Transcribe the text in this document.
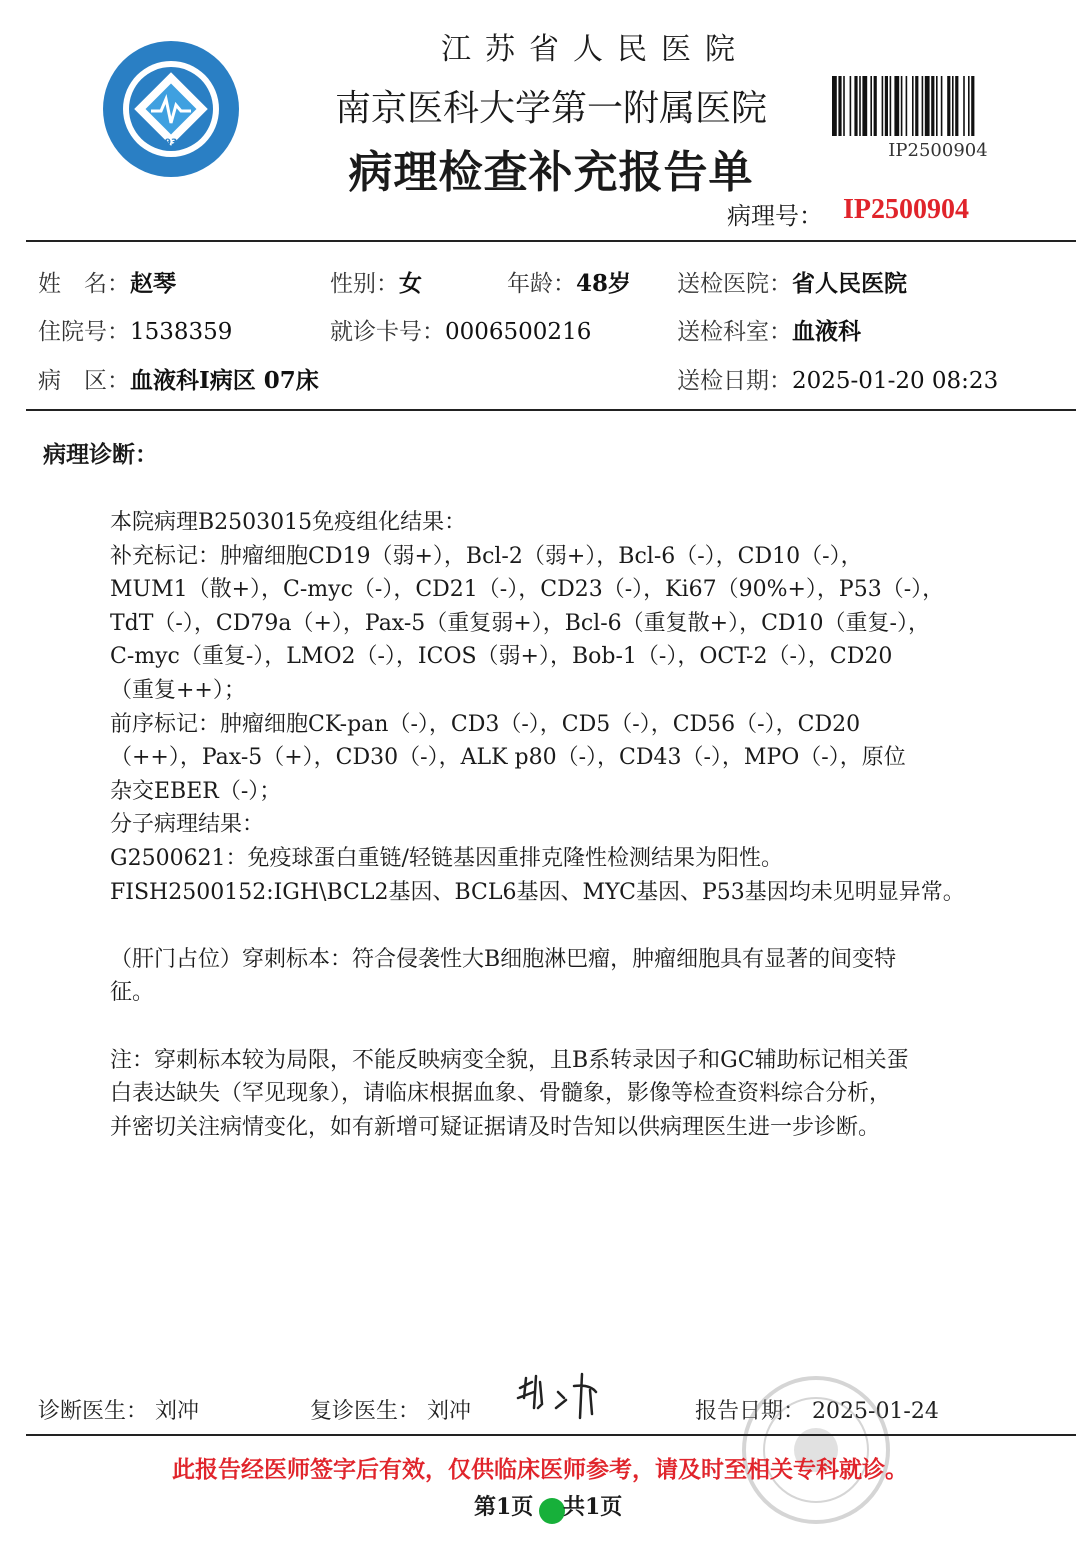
1936
江苏省人民医院
南京医科大学第一附属医院
病理检查补充报告单	IP2500904
病理号： IP2500904
姓　名：赵琴	性别：女	年龄：48岁 送检医院：省人民医院
住院号：1538359	就诊卡号：0006500216	送检科室：血液科
病　区：血液科I病区 07床	送检日期：2025-01-20 08:23
病理诊断：
本院病理B2503015免疫组化结果：
补充标记：肿瘤细胞CD19（弱+），Bcl-2（弱+），Bcl-6（-），CD10（-），
MUM1（散+），C-myc（-），CD21（-），CD23（-），Ki67（90%+），P53（-），
TdT（-），CD79a（+），Pax-5（重复弱+），Bcl-6（重复散+），CD10（重复-），
C-myc（重复-），LMO2（-），ICOS（弱+），Bob-1（-），OCT-2（-），CD20
（重复++）；
前序标记：肿瘤细胞CK-pan（-），CD3（-），CD5（-），CD56（-），CD20
（++），Pax-5（+），CD30（-），ALK p80（-），CD43（-），MPO（-），原位
杂交EBER（-）；
分子病理结果：
G2500621：免疫球蛋白重链/轻链基因重排克隆性检测结果为阳性。
FISH2500152:IGH\BCL2基因、BCL6基因、MYC基因、P53基因均未见明显异常。
（肝门占位）穿刺标本：符合侵袭性大B细胞淋巴瘤，肿瘤细胞具有显著的间变特
征。
注：穿刺标本较为局限，不能反映病变全貌，且B系转录因子和GC辅助标记相关蛋
白表达缺失（罕见现象），请临床根据血象、骨髓象，影像等检查资料综合分析，
并密切关注病情变化，如有新增可疑证据请及时告知以供病理医生进一步诊断。
诊断医生： 刘冲	复诊医生： 刘冲	报告日期： 2025-01-24
此报告经医师签字后有效，仅供临床医师参考，请及时至相关专科就诊。
第1页 共1页
